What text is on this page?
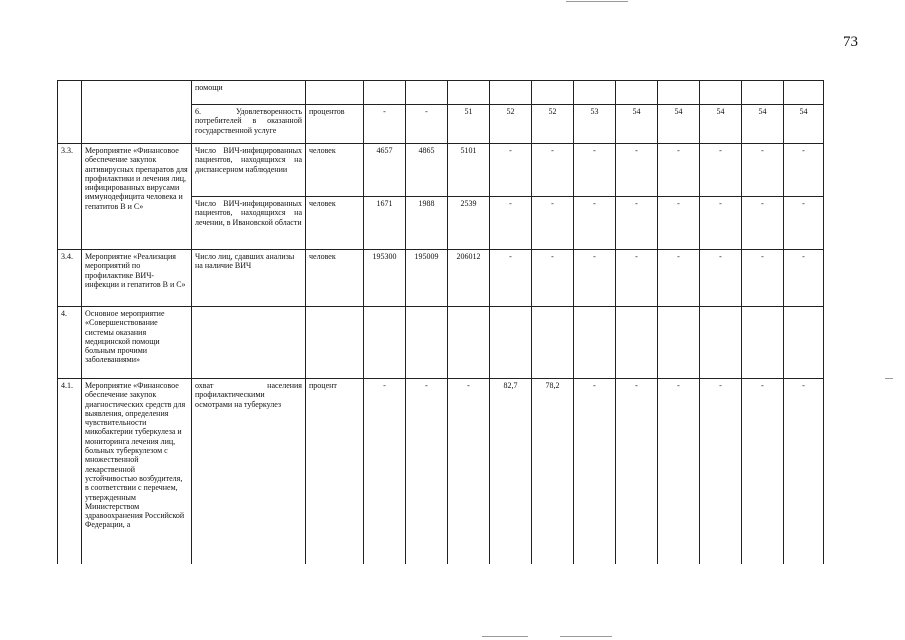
73
		помощи												
		6. Удовлетворенность потребителей в оказанной государственной услуге	процентов	-	-	51	52	52	53	54	54	54	54	54
3.3.	Мероприятие «Финансовое обеспечение закупок антивирусных препаратов для профилактики и лечения лиц, инфицированных вирусами иммунодефицита человека и гепатитов В и С»	Число ВИЧ-инфицированных пациентов, находящихся на диспансерном наблюдении	человек	4657	4865	5101	-	-	-	-	-	-	-	-
		Число ВИЧ-инфицированных пациентов, находящихся на лечении, в Ивановской области	человек	1671	1988	2539	-	-	-	-	-	-	-	-
3.4.	Мероприятие «Реализация мероприятий по профилактике ВИЧ-инфекции и гепатитов В и С»	Число лиц, сдавших анализы на наличие ВИЧ	человек	195300	195009	206012	-	-	-	-	-	-	-	-
4.	Основное мероприятие «Совершенствование системы оказания медицинской помощи больным прочими заболеваниями»													
4.1.	Мероприятие «Финансовое обеспечение закупок диагностических средств для выявления, определения чувствительности микобактерии туберкулеза и мониторинга лечения лиц, больных туберкулезом с множественной лекарственной устойчивостью возбудителя, в соответствии с перечнем, утвержденным Министерством здравоохранения Российской Федерации, а	охват населения профилактическими осмотрами на туберкулез	процент	-	-	-	82,7	78,2	-	-	-	-	-	-
